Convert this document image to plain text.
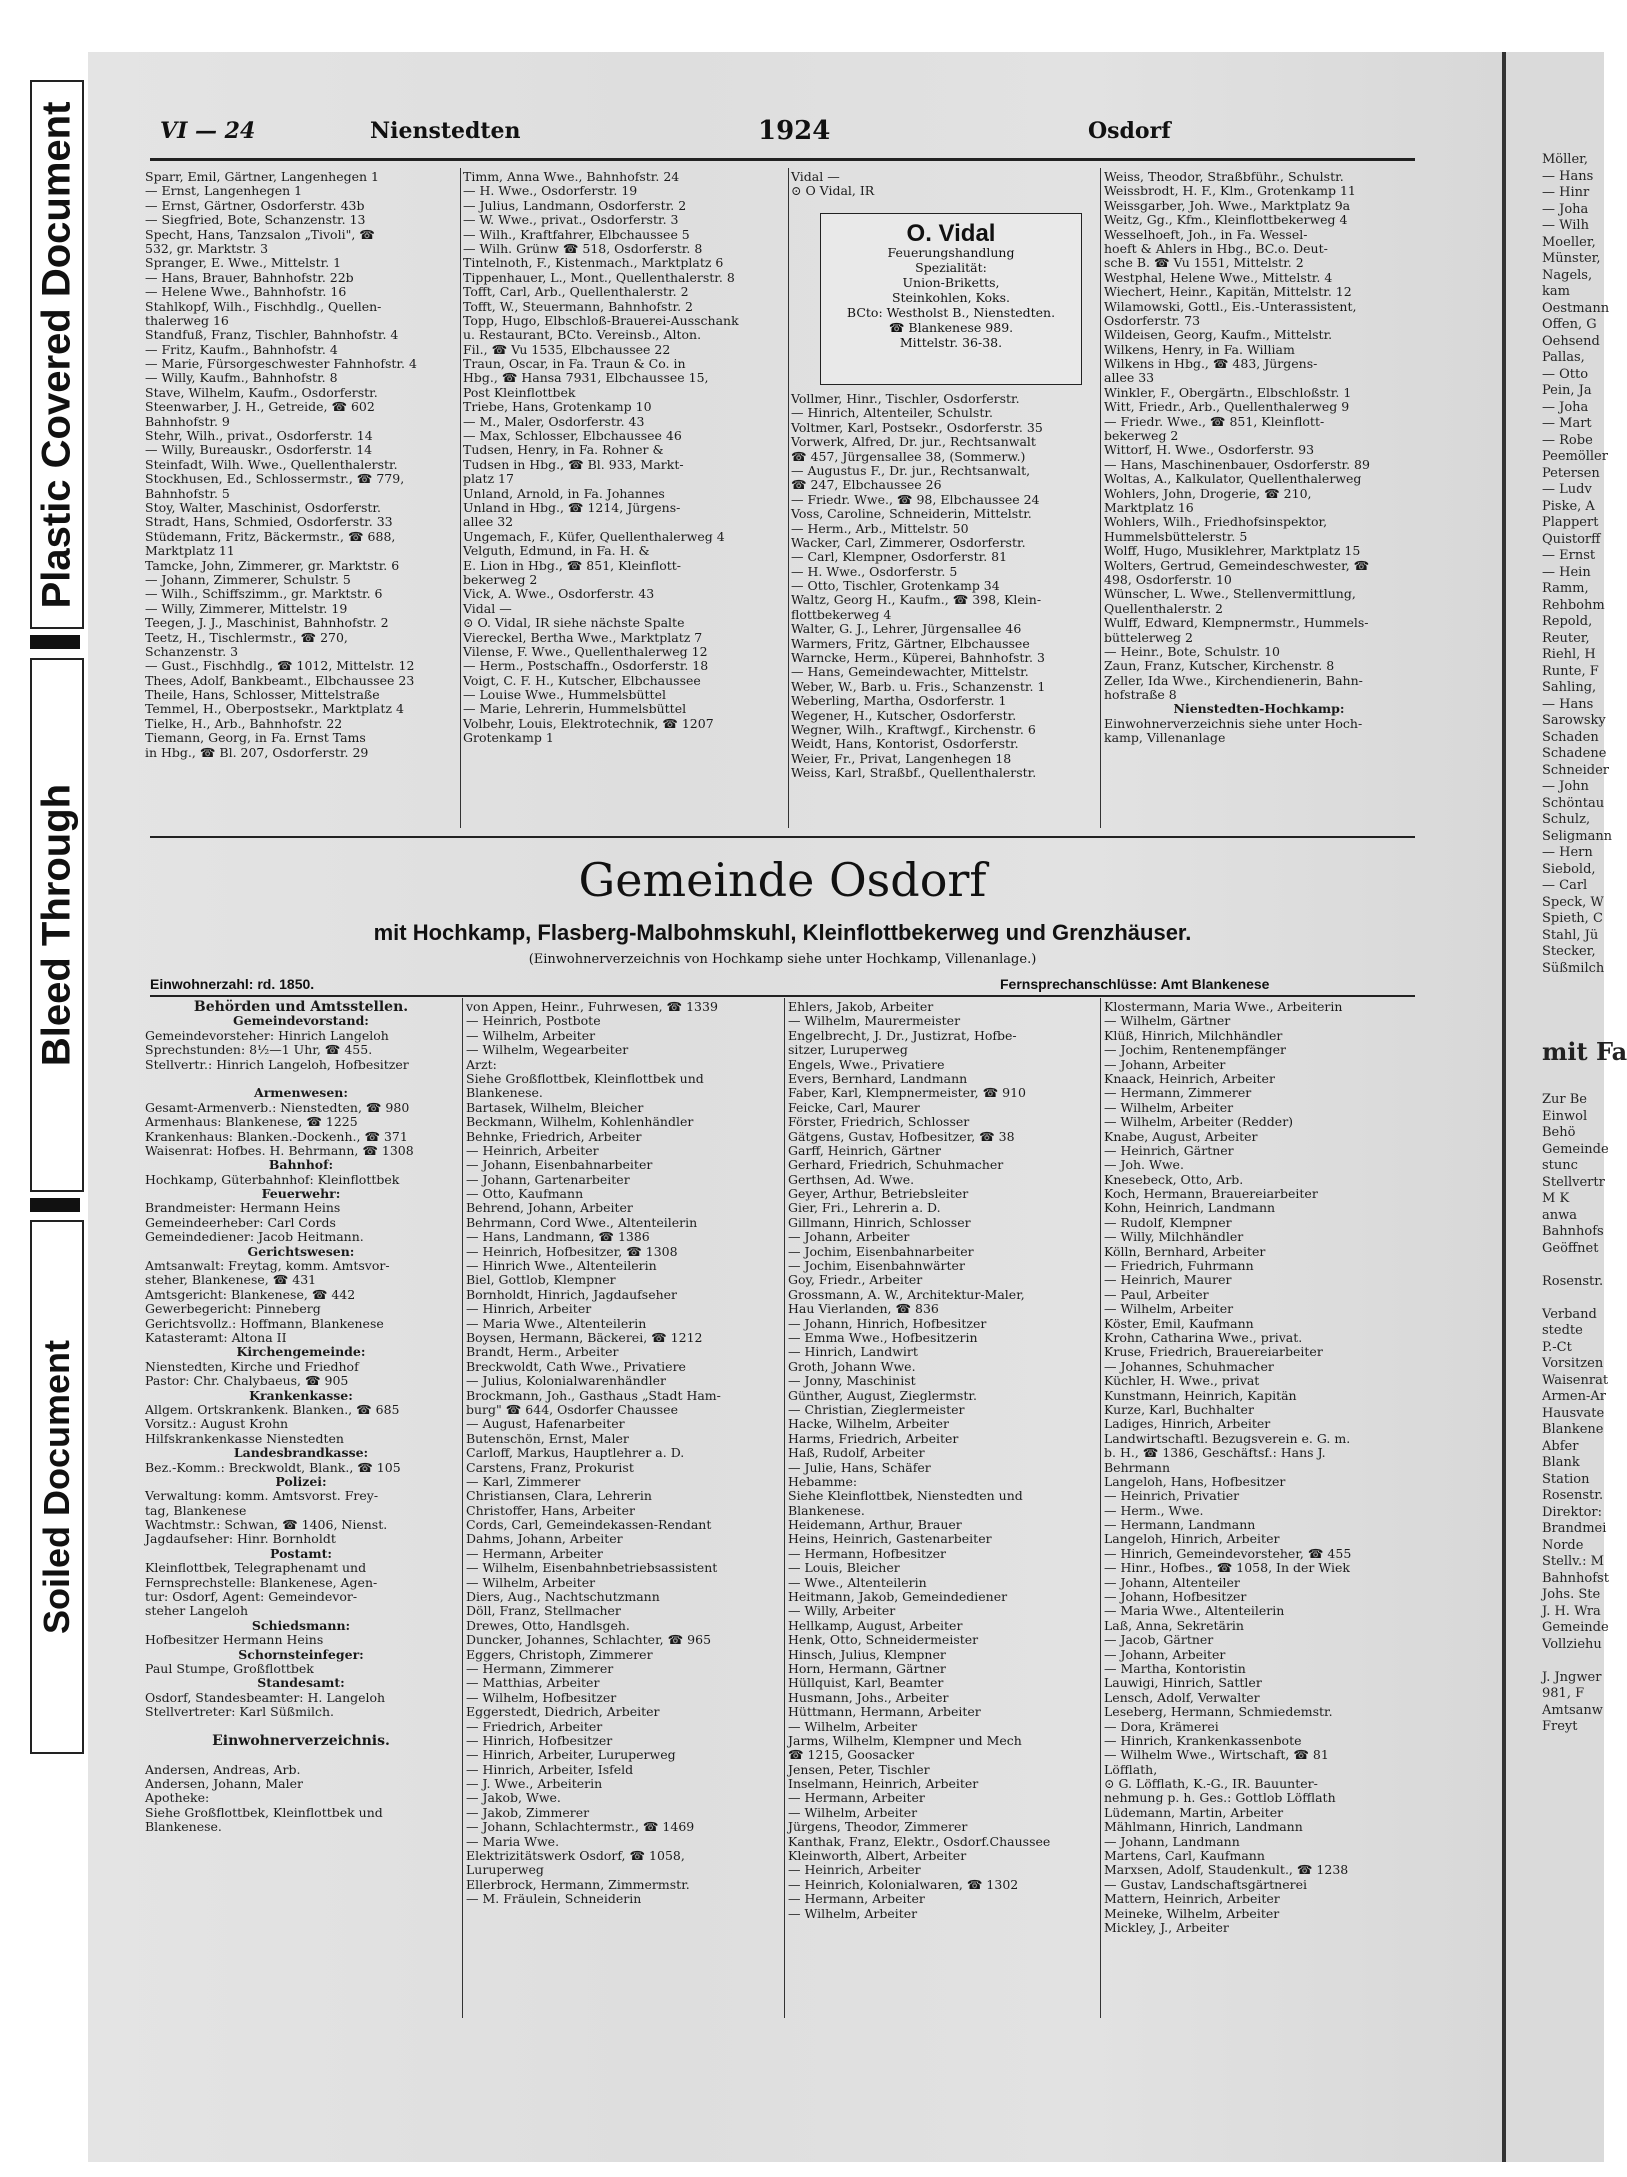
Plastic Covered Document
Bleed Through
Soiled Document
Möller,
— Hans
— Hinr
— Joha
— Wilh
Moeller,
Münster,
Nagels,
kam
Oestmann
Offen, G
Oehsend
Pallas,
— Otto
Pein, Ja
— Joha
— Mart
— Robe
Peemöller
Petersen
— Ludv
Piske, A
Plappert
Quistorff
— Ernst
— Hein
Ramm,
Rehbohm
Repold,
Reuter,
Riehl, H
Runte, F
Sahling,
— Hans
Sarowsky
Schaden
Schadene
Schneider
— John
Schöntau
Schulz,
Seligmann
— Hern
Siebold,
— Carl
Speck, W
Spieth, C
Stahl, Jü
Stecker,
Süßmilch
mit Fa
Zur Be
Einwol
Behö
Gemeinde
stunc
Stellvertr
M K
anwa
Bahnhofs
Geöffnet
Rosenstr.
Verband
stedte
P.-Ct
Vorsitzen
Waisenrat
Armen-Ar
Hausvate
Blankene
Abfer
Blank
Station
Rosenstr.
Direktor:
Brandmei
Norde
Stellv.: M
Bahnhofst
Johs. Ste
J. H. Wra
Gemeinde
Vollziehu
J. Jngwer
981, F
Amtsanw
Freyt
VI — 24	Nienstedten	1924	Osdorf
Sparr, Emil, Gärtner, Langenhegen 1
— Ernst, Langenhegen 1
— Ernst, Gärtner, Osdorferstr. 43b
— Siegfried, Bote, Schanzenstr. 13
Specht, Hans, Tanzsalon „Tivoli", ☎
532, gr. Marktstr. 3
Spranger, E. Wwe., Mittelstr. 1
— Hans, Brauer, Bahnhofstr. 22b
— Helene Wwe., Bahnhofstr. 16
Stahlkopf, Wilh., Fischhdlg., Quellen-
thalerweg 16
Standfuß, Franz, Tischler, Bahnhofstr. 4
— Fritz, Kaufm., Bahnhofstr. 4
— Marie, Fürsorgeschwester Fahnhofstr. 4
— Willy, Kaufm., Bahnhofstr. 8
Stave, Wilhelm, Kaufm., Osdorferstr.
Steenwarber, J. H., Getreide, ☎ 602
Bahnhofstr. 9
Stehr, Wilh., privat., Osdorferstr. 14
— Willy, Bureauskr., Osdorferstr. 14
Steinfadt, Wilh. Wwe., Quellenthalerstr.
Stockhusen, Ed., Schlossermstr., ☎ 779,
Bahnhofstr. 5
Stoy, Walter, Maschinist, Osdorferstr.
Stradt, Hans, Schmied, Osdorferstr. 33
Stüdemann, Fritz, Bäckermstr., ☎ 688,
Marktplatz 11
Tamcke, John, Zimmerer, gr. Marktstr. 6
— Johann, Zimmerer, Schulstr. 5
— Wilh., Schiffszimm., gr. Marktstr. 6
— Willy, Zimmerer, Mittelstr. 19
Teegen, J. J., Maschinist, Bahnhofstr. 2
Teetz, H., Tischlermstr., ☎ 270,
Schanzenstr. 3
— Gust., Fischhdlg., ☎ 1012, Mittelstr. 12
Thees, Adolf, Bankbeamt., Elbchaussee 23
Theile, Hans, Schlosser, Mittelstraße
Temmel, H., Oberpostsekr., Marktplatz 4
Tielke, H., Arb., Bahnhofstr. 22
Tiemann, Georg, in Fa. Ernst Tams
in Hbg., ☎ Bl. 207, Osdorferstr. 29
Timm, Anna Wwe., Bahnhofstr. 24
— H. Wwe., Osdorferstr. 19
— Julius, Landmann, Osdorferstr. 2
— W. Wwe., privat., Osdorferstr. 3
— Wilh., Kraftfahrer, Elbchaussee 5
— Wilh. Grünw ☎ 518, Osdorferstr. 8
Tintelnoth, F., Kistenmach., Marktplatz 6
Tippenhauer, L., Mont., Quellenthalerstr. 8
Tofft, Carl, Arb., Quellenthalerstr. 2
Tofft, W., Steuermann, Bahnhofstr. 2
Topp, Hugo, Elbschloß-Brauerei-Ausschank
u. Restaurant, BCto. Vereinsb., Alton.
Fil., ☎ Vu 1535, Elbchaussee 22
Traun, Oscar, in Fa. Traun & Co. in
Hbg., ☎ Hansa 7931, Elbchaussee 15,
Post Kleinflottbek
Triebe, Hans, Grotenkamp 10
— M., Maler, Osdorferstr. 43
— Max, Schlosser, Elbchaussee 46
Tudsen, Henry, in Fa. Rohner &
Tudsen in Hbg., ☎ Bl. 933, Markt-
platz 17
Unland, Arnold, in Fa. Johannes
Unland in Hbg., ☎ 1214, Jürgens-
allee 32
Ungemach, F., Küfer, Quellenthalerweg 4
Velguth, Edmund, in Fa. H. &
E. Lion in Hbg., ☎ 851, Kleinflott-
bekerweg 2
Vick, A. Wwe., Osdorferstr. 43
Vidal —
⊙ O. Vidal, IR siehe nächste Spalte
Viereckel, Bertha Wwe., Marktplatz 7
Vilense, F. Wwe., Quellenthalerweg 12
— Herm., Postschaffn., Osdorferstr. 18
Voigt, C. F. H., Kutscher, Elbchaussee
— Louise Wwe., Hummelsbüttel
— Marie, Lehrerin, Hummelsbüttel
Volbehr, Louis, Elektrotechnik, ☎ 1207
Grotenkamp 1
Vidal —
⊙ O Vidal, IR
O. Vidal
Feuerungshandlung
Spezialität:
Union-Briketts,
Steinkohlen, Koks.
BCto: Westholst B., Nienstedten.
☎ Blankenese 989.
Mittelstr. 36-38.
Vollmer, Hinr., Tischler, Osdorferstr.
— Hinrich, Altenteiler, Schulstr.
Voltmer, Karl, Postsekr., Osdorferstr. 35
Vorwerk, Alfred, Dr. jur., Rechtsanwalt
☎ 457, Jürgensallee 38, (Sommerw.)
— Augustus F., Dr. jur., Rechtsanwalt,
☎ 247, Elbchaussee 26
— Friedr. Wwe., ☎ 98, Elbchaussee 24
Voss, Caroline, Schneiderin, Mittelstr.
— Herm., Arb., Mittelstr. 50
Wacker, Carl, Zimmerer, Osdorferstr.
— Carl, Klempner, Osdorferstr. 81
— H. Wwe., Osdorferstr. 5
— Otto, Tischler, Grotenkamp 34
Waltz, Georg H., Kaufm., ☎ 398, Klein-
flottbekerweg 4
Walter, G. J., Lehrer, Jürgensallee 46
Warmers, Fritz, Gärtner, Elbchaussee
Warncke, Herm., Küperei, Bahnhofstr. 3
— Hans, Gemeindewachter, Mittelstr.
Weber, W., Barb. u. Fris., Schanzenstr. 1
Weberling, Martha, Osdorferstr. 1
Wegener, H., Kutscher, Osdorferstr.
Wegner, Wilh., Kraftwgf., Kirchenstr. 6
Weidt, Hans, Kontorist, Osdorferstr.
Weier, Fr., Privat, Langenhegen 18
Weiss, Karl, Straßbf., Quellenthalerstr.
Weiss, Theodor, Straßbführ., Schulstr.
Weissbrodt, H. F., Klm., Grotenkamp 11
Weissgarber, Joh. Wwe., Marktplatz 9a
Weitz, Gg., Kfm., Kleinflottbekerweg 4
Wesselhoeft, Joh., in Fa. Wessel-
hoeft & Ahlers in Hbg., BC.o. Deut-
sche B. ☎ Vu 1551, Mittelstr. 2
Westphal, Helene Wwe., Mittelstr. 4
Wiechert, Heinr., Kapitän, Mittelstr. 12
Wilamowski, Gottl., Eis.-Unterassistent,
Osdorferstr. 73
Wildeisen, Georg, Kaufm., Mittelstr.
Wilkens, Henry, in Fa. William
Wilkens in Hbg., ☎ 483, Jürgens-
allee 33
Winkler, F., Obergärtn., Elbschloßstr. 1
Witt, Friedr., Arb., Quellenthalerweg 9
— Friedr. Wwe., ☎ 851, Kleinflott-
bekerweg 2
Wittorf, H. Wwe., Osdorferstr. 93
— Hans, Maschinenbauer, Osdorferstr. 89
Woltas, A., Kalkulator, Quellenthalerweg
Wohlers, John, Drogerie, ☎ 210,
Marktplatz 16
Wohlers, Wilh., Friedhofsinspektor,
Hummelsbüttelerstr. 5
Wolff, Hugo, Musiklehrer, Marktplatz 15
Wolters, Gertrud, Gemeindeschwester, ☎
498, Osdorferstr. 10
Wünscher, L. Wwe., Stellenvermittlung,
Quellenthalerstr. 2
Wulff, Edward, Klempnermstr., Hummels-
büttelerweg 2
— Heinr., Bote, Schulstr. 10
Zaun, Franz, Kutscher, Kirchenstr. 8
Zeller, Ida Wwe., Kirchendienerin, Bahn-
hofstraße 8
Nienstedten-Hochkamp:
Einwohnerverzeichnis siehe unter Hoch-
kamp, Villenanlage
Gemeinde Osdorf
mit Hochkamp, Flasberg-Malbohmskuhl, Kleinflottbekerweg und Grenzhäuser.
(Einwohnerverzeichnis von Hochkamp siehe unter Hochkamp, Villenanlage.)
Einwohnerzahl: rd. 1850.	Fernsprechanschlüsse: Amt Blankenese
Behörden und Amtsstellen.
Gemeindevorstand:
Gemeindevorsteher: Hinrich Langeloh
Sprechstunden: 8½—1 Uhr, ☎ 455.
Stellvertr.: Hinrich Langeloh, Hofbesitzer
Armenwesen:
Gesamt-Armenverb.: Nienstedten, ☎ 980
Armenhaus: Blankenese, ☎ 1225
Krankenhaus: Blanken.-Dockenh., ☎ 371
Waisenrat: Hofbes. H. Behrmann, ☎ 1308
Bahnhof:
Hochkamp, Güterbahnhof: Kleinflottbek
Feuerwehr:
Brandmeister: Hermann Heins
Gemeindeerheber: Carl Cords
Gemeindediener: Jacob Heitmann.
Gerichtswesen:
Amtsanwalt: Freytag, komm. Amtsvor-
steher, Blankenese, ☎ 431
Amtsgericht: Blankenese, ☎ 442
Gewerbegericht: Pinneberg
Gerichtsvollz.: Hoffmann, Blankenese
Katasteramt: Altona II
Kirchengemeinde:
Nienstedten, Kirche und Friedhof
Pastor: Chr. Chalybaeus, ☎ 905
Krankenkasse:
Allgem. Ortskrankenk. Blanken., ☎ 685
Vorsitz.: August Krohn
Hilfskrankenkasse Nienstedten
Landesbrandkasse:
Bez.-Komm.: Breckwoldt, Blank., ☎ 105
Polizei:
Verwaltung: komm. Amtsvorst. Frey-
tag, Blankenese
Wachtmstr.: Schwan, ☎ 1406, Nienst.
Jagdaufseher: Hinr. Bornholdt
Postamt:
Kleinflottbek, Telegraphenamt und
Fernsprechstelle: Blankenese, Agen-
tur: Osdorf, Agent: Gemeindevor-
steher Langeloh
Schiedsmann:
Hofbesitzer Hermann Heins
Schornsteinfeger:
Paul Stumpe, Großflottbek
Standesamt:
Osdorf, Standesbeamter: H. Langeloh
Stellvertreter: Karl Süßmilch.
Einwohnerverzeichnis.
Andersen, Andreas, Arb.
Andersen, Johann, Maler
Apotheke:
Siehe Großflottbek, Kleinflottbek und
Blankenese.
von Appen, Heinr., Fuhrwesen, ☎ 1339
— Heinrich, Postbote
— Wilhelm, Arbeiter
— Wilhelm, Wegearbeiter
Arzt:
Siehe Großflottbek, Kleinflottbek und
Blankenese.
Bartasek, Wilhelm, Bleicher
Beckmann, Wilhelm, Kohlenhändler
Behnke, Friedrich, Arbeiter
— Heinrich, Arbeiter
— Johann, Eisenbahnarbeiter
— Johann, Gartenarbeiter
— Otto, Kaufmann
Behrend, Johann, Arbeiter
Behrmann, Cord Wwe., Altenteilerin
— Hans, Landmann, ☎ 1386
— Heinrich, Hofbesitzer, ☎ 1308
— Hinrich Wwe., Altenteilerin
Biel, Gottlob, Klempner
Bornholdt, Hinrich, Jagdaufseher
— Hinrich, Arbeiter
— Maria Wwe., Altenteilerin
Boysen, Hermann, Bäckerei, ☎ 1212
Brandt, Herm., Arbeiter
Breckwoldt, Cath Wwe., Privatiere
— Julius, Kolonialwarenhändler
Brockmann, Joh., Gasthaus „Stadt Ham-
burg" ☎ 644, Osdorfer Chaussee
— August, Hafenarbeiter
Butenschön, Ernst, Maler
Carloff, Markus, Hauptlehrer a. D.
Carstens, Franz, Prokurist
— Karl, Zimmerer
Christiansen, Clara, Lehrerin
Christoffer, Hans, Arbeiter
Cords, Carl, Gemeindekassen-Rendant
Dahms, Johann, Arbeiter
— Hermann, Arbeiter
— Wilhelm, Eisenbahnbetriebsassistent
— Wilhelm, Arbeiter
Diers, Aug., Nachtschutzmann
Döll, Franz, Stellmacher
Drewes, Otto, Handlsgeh.
Duncker, Johannes, Schlachter, ☎ 965
Eggers, Christoph, Zimmerer
— Hermann, Zimmerer
— Matthias, Arbeiter
— Wilhelm, Hofbesitzer
Eggerstedt, Diedrich, Arbeiter
— Friedrich, Arbeiter
— Hinrich, Hofbesitzer
— Hinrich, Arbeiter, Luruperweg
— Hinrich, Arbeiter, Isfeld
— J. Wwe., Arbeiterin
— Jakob, Wwe.
— Jakob, Zimmerer
— Johann, Schlachtermstr., ☎ 1469
— Maria Wwe.
Elektrizitätswerk Osdorf, ☎ 1058,
Luruperweg
Ellerbrock, Hermann, Zimmermstr.
— M. Fräulein, Schneiderin
Ehlers, Jakob, Arbeiter
— Wilhelm, Maurermeister
Engelbrecht, J. Dr., Justizrat, Hofbe-
sitzer, Luruperweg
Engels, Wwe., Privatiere
Evers, Bernhard, Landmann
Faber, Karl, Klempnermeister, ☎ 910
Feicke, Carl, Maurer
Förster, Friedrich, Schlosser
Gätgens, Gustav, Hofbesitzer, ☎ 38
Garff, Heinrich, Gärtner
Gerhard, Friedrich, Schuhmacher
Gerthsen, Ad. Wwe.
Geyer, Arthur, Betriebsleiter
Gier, Fri., Lehrerin a. D.
Gillmann, Hinrich, Schlosser
— Johann, Arbeiter
— Jochim, Eisenbahnarbeiter
— Jochim, Eisenbahnwärter
Goy, Friedr., Arbeiter
Grossmann, A. W., Architektur-Maler,
Hau Vierlanden, ☎ 836
— Johann, Hinrich, Hofbesitzer
— Emma Wwe., Hofbesitzerin
— Hinrich, Landwirt
Groth, Johann Wwe.
— Jonny, Maschinist
Günther, August, Zieglermstr.
— Christian, Zieglermeister
Hacke, Wilhelm, Arbeiter
Harms, Friedrich, Arbeiter
Haß, Rudolf, Arbeiter
— Julie, Hans, Schäfer
Hebamme:
Siehe Kleinflottbek, Nienstedten und
Blankenese.
Heidemann, Arthur, Brauer
Heins, Heinrich, Gastenarbeiter
— Hermann, Hofbesitzer
— Louis, Bleicher
— Wwe., Altenteilerin
Heitmann, Jakob, Gemeindediener
— Willy, Arbeiter
Hellkamp, August, Arbeiter
Henk, Otto, Schneidermeister
Hinsch, Julius, Klempner
Horn, Hermann, Gärtner
Hüllquist, Karl, Beamter
Husmann, Johs., Arbeiter
Hüttmann, Hermann, Arbeiter
— Wilhelm, Arbeiter
Jarms, Wilhelm, Klempner und Mech
☎ 1215, Goosacker
Jensen, Peter, Tischler
Inselmann, Heinrich, Arbeiter
— Hermann, Arbeiter
— Wilhelm, Arbeiter
Jürgens, Theodor, Zimmerer
Kanthak, Franz, Elektr., Osdorf.Chaussee
Kleinworth, Albert, Arbeiter
— Heinrich, Arbeiter
— Heinrich, Kolonialwaren, ☎ 1302
— Hermann, Arbeiter
— Wilhelm, Arbeiter
Klostermann, Maria Wwe., Arbeiterin
— Wilhelm, Gärtner
Klüß, Hinrich, Milchhändler
— Jochim, Rentenempfänger
— Johann, Arbeiter
Knaack, Heinrich, Arbeiter
— Hermann, Zimmerer
— Wilhelm, Arbeiter
— Wilhelm, Arbeiter (Redder)
Knabe, August, Arbeiter
— Heinrich, Gärtner
— Joh. Wwe.
Knesebeck, Otto, Arb.
Koch, Hermann, Brauereiarbeiter
Kohn, Heinrich, Landmann
— Rudolf, Klempner
— Willy, Milchhändler
Kölln, Bernhard, Arbeiter
— Friedrich, Fuhrmann
— Heinrich, Maurer
— Paul, Arbeiter
— Wilhelm, Arbeiter
Köster, Emil, Kaufmann
Krohn, Catharina Wwe., privat.
Kruse, Friedrich, Brauereiarbeiter
— Johannes, Schuhmacher
Küchler, H. Wwe., privat
Kunstmann, Heinrich, Kapitän
Kurze, Karl, Buchhalter
Ladiges, Hinrich, Arbeiter
Landwirtschaftl. Bezugsverein e. G. m.
b. H., ☎ 1386, Geschäftsf.: Hans J.
Behrmann
Langeloh, Hans, Hofbesitzer
— Heinrich, Privatier
— Herm., Wwe.
— Hermann, Landmann
Langeloh, Hinrich, Arbeiter
— Hinrich, Gemeindevorsteher, ☎ 455
— Hinr., Hofbes., ☎ 1058, In der Wiek
— Johann, Altenteiler
— Johann, Hofbesitzer
— Maria Wwe., Altenteilerin
Laß, Anna, Sekretärin
— Jacob, Gärtner
— Johann, Arbeiter
— Martha, Kontoristin
Lauwigi, Hinrich, Sattler
Lensch, Adolf, Verwalter
Leseberg, Hermann, Schmiedemstr.
— Dora, Krämerei
— Hinrich, Krankenkassenbote
— Wilhelm Wwe., Wirtschaft, ☎ 81
Löfflath,
⊙ G. Löfflath, K.-G., IR. Bauunter-
nehmung p. h. Ges.: Gottlob Löfflath
Lüdemann, Martin, Arbeiter
Mählmann, Hinrich, Landmann
— Johann, Landmann
Martens, Carl, Kaufmann
Marxsen, Adolf, Staudenkult., ☎ 1238
— Gustav, Landschaftsgärtnerei
Mattern, Heinrich, Arbeiter
Meineke, Wilhelm, Arbeiter
Mickley, J., Arbeiter
